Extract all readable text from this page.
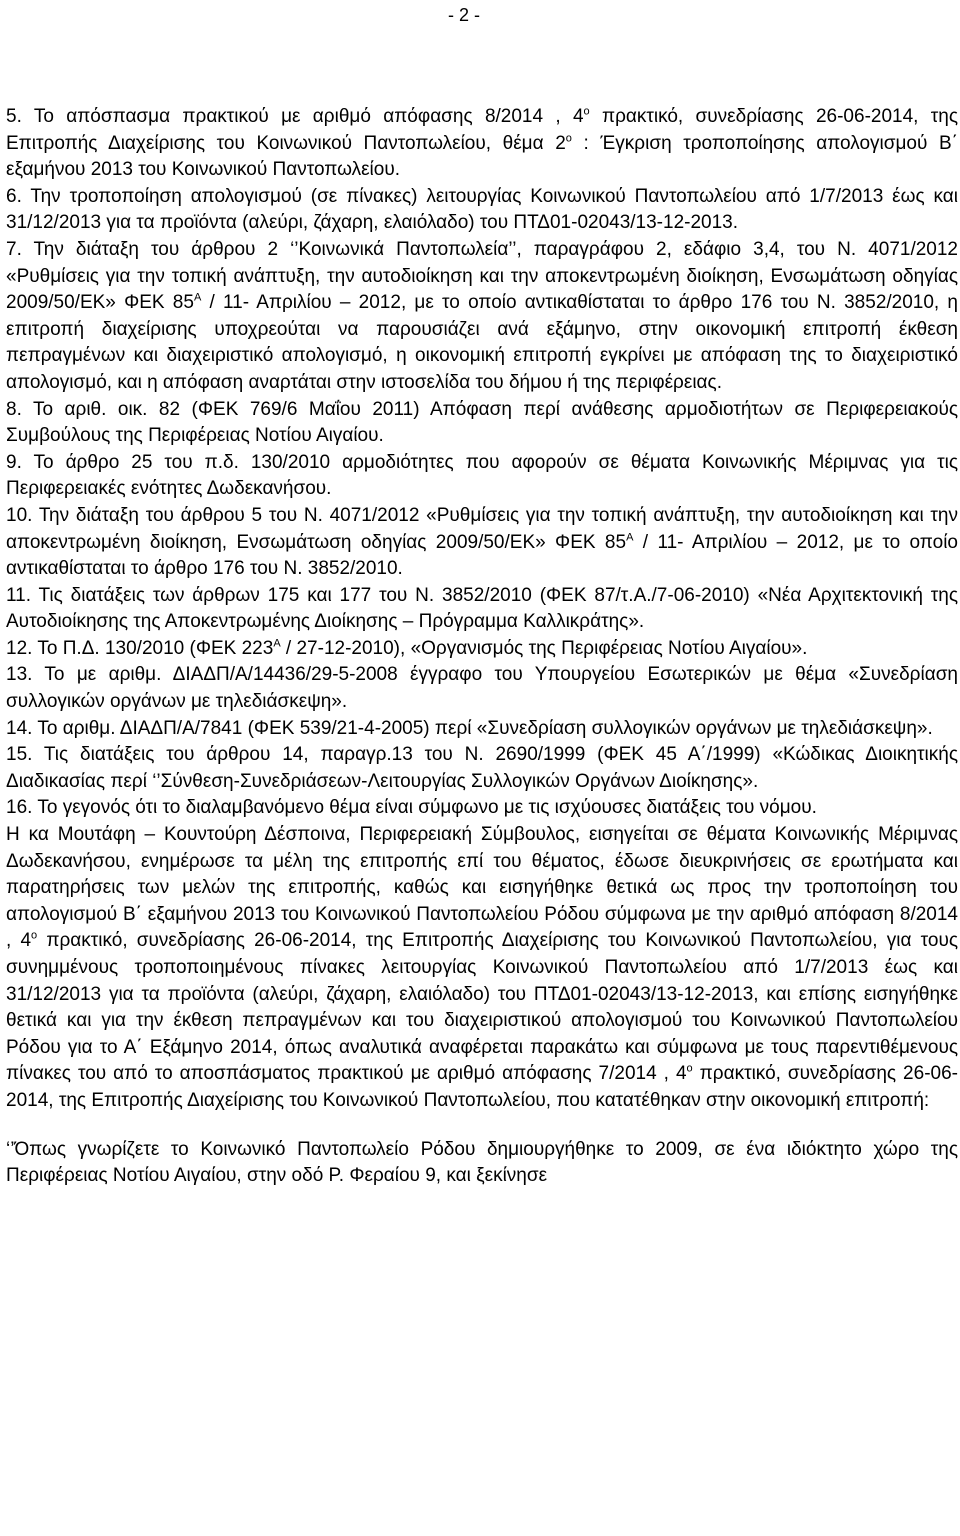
- 2 -

5. Το απόσπασμα πρακτικού με αριθμό απόφασης 8/2014 , $4^o$ πρακτικό, συνεδρίασης 26-06-2014, της Επιτροπής Διαχείρισης του Κοινωνικού Παντοπωλείου, θέμα $2^o$ : Έγκριση τροποποίησης απολογισμού Β΄ εξαμήνου 2013 του Κοινωνικού Παντοπωλείου.

6. Την τροποποίηση απολογισμού (σε πίνακες) λειτουργίας Κοινωνικού Παντοπωλείου από 1/7/2013 έως και 31/12/2013 για τα προϊόντα (αλεύρι, ζάχαρη, ελαιόλαδο) του ΠΤΔ01-02043/13-12-2013.

7. Την διάταξη του άρθρου 2 ‘’Κοινωνικά Παντοπωλεία’’, παραγράφου 2, εδάφιο 3,4, του Ν. 4071/2012 «Ρυθμίσεις για την τοπική ανάπτυξη, την αυτοδιοίκηση και την αποκεντρωμένη διοίκηση, Ενσωμάτωση οδηγίας 2009/50/ΕΚ» ΦΕΚ $85^A / 11-$ Απριλίου – 2012, με το οποίο αντικαθίσταται το άρθρο 176 του Ν. 3852/2010, η επιτροπή διαχείρισης υποχρεούται να παρουσιάζει ανά εξάμηνο, στην οικονομική επιτροπή έκθεση πεπραγμένων και διαχειριστικό απολογισμό, η οικονομική επιτροπή εγκρίνει με απόφαση της το διαχειριστικό απολογισμό, και η απόφαση αναρτάται στην ιστοσελίδα του δήμου ή της περιφέρειας.

8. Το αριθ. οικ. 82 (ΦΕΚ 769/6 Μαΐου 2011) Απόφαση περί ανάθεσης αρμοδιοτήτων σε Περιφερειακούς Συμβούλους της Περιφέρειας Νοτίου Αιγαίου.

9. Το άρθρο 25 του π.δ. 130/2010 αρμοδιότητες που αφορούν σε θέματα Κοινωνικής Μέριμνας για τις Περιφερειακές ενότητες Δωδεκανήσου.

10. Την διάταξη του άρθρου 5 του Ν. 4071/2012 «Ρυθμίσεις για την τοπική ανάπτυξη, την αυτοδιοίκηση και την αποκεντρωμένη διοίκηση, Ενσωμάτωση οδηγίας 2009/50/ΕΚ» ΦΕΚ $85^A / 11-$ Απριλίου – 2012, με το οποίο αντικαθίσταται το άρθρο 176 του Ν. 3852/2010.

11. Τις διατάξεις των άρθρων 175 και 177 του Ν. 3852/2010 (ΦΕΚ 87/τ.Α./7-06-2010) «Νέα Αρχιτεκτονική της Αυτοδιοίκησης της Αποκεντρωμένης Διοίκησης – Πρόγραμμα Καλλικράτης».

12. Το Π.Δ. 130/2010 (ΦΕΚ $223^A / 27-12-2010$), «Οργανισμός της Περιφέρειας Νοτίου Αιγαίου».

13. Το με αριθμ. ΔΙΑΔΠ/Α/14436/29-5-2008 έγγραφο του Υπουργείου Εσωτερικών με θέμα «Συνεδρίαση συλλογικών οργάνων με τηλεδιάσκεψη».

14. Το αριθμ. ΔΙΑΔΠ/Α/7841 (ΦΕΚ 539/21-4-2005) περί «Συνεδρίαση συλλογικών οργάνων με τηλεδιάσκεψη».

15. Τις διατάξεις του άρθρου 14, παραγρ.13 του Ν. 2690/1999 (ΦΕΚ 45 Α΄/1999) «Κώδικας Διοικητικής Διαδικασίας περί ‘’Σύνθεση-Συνεδριάσεων-Λειτουργίας Συλλογικών Οργάνων Διοίκησης».

16. Το γεγονός ότι το διαλαμβανόμενο θέμα είναι σύμφωνο με τις ισχύουσες διατάξεις του νόμου.

Η κα Μουτάφη – Κουντούρη Δέσποινα, Περιφερειακή Σύμβουλος, εισηγείται σε θέματα Κοινωνικής Μέριμνας Δωδεκανήσου, ενημέρωσε τα μέλη της επιτροπής επί του θέματος, έδωσε διευκρινήσεις σε ερωτήματα και παρατηρήσεις των μελών της επιτροπής, καθώς και εισηγήθηκε θετικά ως προς την τροποποίηση του απολογισμού Β΄ εξαμήνου 2013 του Κοινωνικού Παντοπωλείου Ρόδου σύμφωνα με την αριθμό απόφαση 8/2014 , $4^o$ πρακτικό, συνεδρίασης 26-06-2014, της Επιτροπής Διαχείρισης του Κοινωνικού Παντοπωλείου, για τους συνημμένους τροποποιημένους πίνακες λειτουργίας Κοινωνικού Παντοπωλείου από 1/7/2013 έως και 31/12/2013 για τα προϊόντα (αλεύρι, ζάχαρη, ελαιόλαδο) του ΠΤΔ01-02043/13-12-2013, και επίσης εισηγήθηκε θετικά και για την έκθεση πεπραγμένων και του διαχειριστικού απολογισμού του Κοινωνικού Παντοπωλείου Ρόδου για το Α΄ Εξάμηνο 2014, όπως αναλυτικά αναφέρεται παρακάτω και σύμφωνα με τους παρεντιθέμενους πίνακες του από το αποσπάσματος πρακτικού με αριθμό απόφασης 7/2014 , $4^o$ πρακτικό, συνεδρίασης 26-06-2014, της Επιτροπής Διαχείρισης του Κοινωνικού Παντοπωλείου, που κατατέθηκαν στην οικονομική επιτροπή:

‘’Όπως γνωρίζετε το Κοινωνικό Παντοπωλείο Ρόδου δημιουργήθηκε το 2009, σε ένα ιδιόκτητο χώρο της Περιφέρειας Νοτίου Αιγαίου, στην οδό Ρ. Φεραίου 9, και ξεκίνησε
